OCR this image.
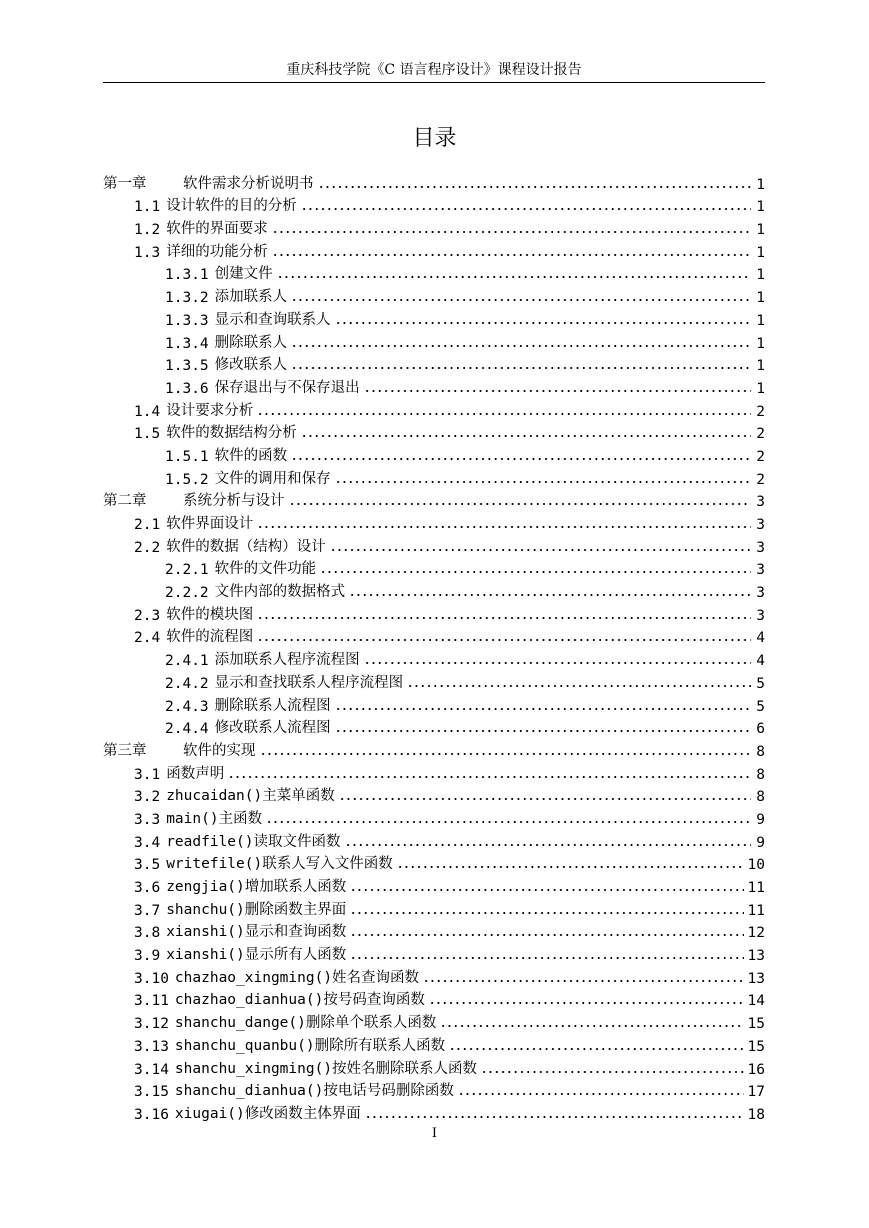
重庆科技学院《C 语言程序设计》课程设计报告
目录
第一章	软件需求分析说明书	1
1.1 设计软件的目的分析	1
1.2 软件的界面要求	1
1.3 详细的功能分析	1
1.3.1 创建文件	1
1.3.2 添加联系人	1
1.3.3 显示和查询联系人	1
1.3.4 删除联系人	1
1.3.5 修改联系人	1
1.3.6 保存退出与不保存退出	1
1.4 设计要求分析	2
1.5 软件的数据结构分析	2
1.5.1 软件的函数	2
1.5.2 文件的调用和保存	2
第二章	系统分析与设计	3
2.1 软件界面设计	3
2.2 软件的数据（结构）设计	3
2.2.1 软件的文件功能	3
2.2.2 文件内部的数据格式	3
2.3 软件的模块图	3
2.4 软件的流程图	4
2.4.1 添加联系人程序流程图	4
2.4.2 显示和查找联系人程序流程图	5
2.4.3 删除联系人流程图	5
2.4.4 修改联系人流程图	6
第三章	软件的实现	8
3.1 函数声明	8
3.2 zhucaidan()主菜单函数	8
3.3 main()主函数	9
3.4 readfile()读取文件函数	9
3.5 writefile()联系人写入文件函数	10
3.6 zengjia()增加联系人函数	11
3.7 shanchu()删除函数主界面	11
3.8 xianshi()显示和查询函数	12
3.9 xianshi()显示所有人函数	13
3.10 chazhao_xingming()姓名查询函数	13
3.11 chazhao_dianhua()按号码查询函数	14
3.12 shanchu_dange()删除单个联系人函数	15
3.13 shanchu_quanbu()删除所有联系人函数	15
3.14 shanchu_xingming()按姓名删除联系人函数	16
3.15 shanchu_dianhua()按电话号码删除函数	17
3.16 xiugai()修改函数主体界面	18
I
